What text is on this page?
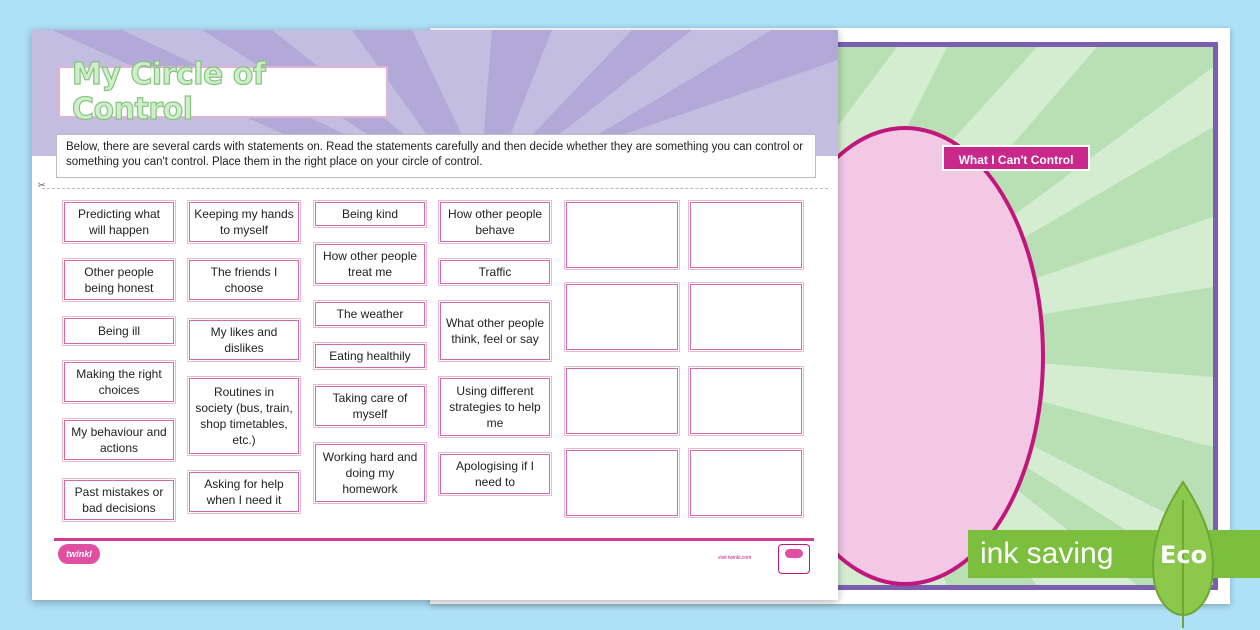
What I Can't Control
My Circle of Control
Below, there are several cards with statements on. Read the statements carefully and then decide whether they are something you can control or something you can't control. Place them in the right place on your circle of control.
✂
Predicting what will happen
Other people being honest
Being ill
Making the right choices
My behaviour and actions
Past mistakes or bad decisions
Keeping my hands to myself
The friends I choose
My likes and dislikes
Routines in society (bus, train, shop timetables, etc.)
Asking for help when I need it
Being kind
How other people treat me
The weather
Eating healthily
Taking care of myself
Working hard and doing my homework
How other people behave
Traffic
What other people think, feel or say
Using different strategies to help me
Apologising if I need to
twinkl	visit twinkl.com	ink saving	Eco
